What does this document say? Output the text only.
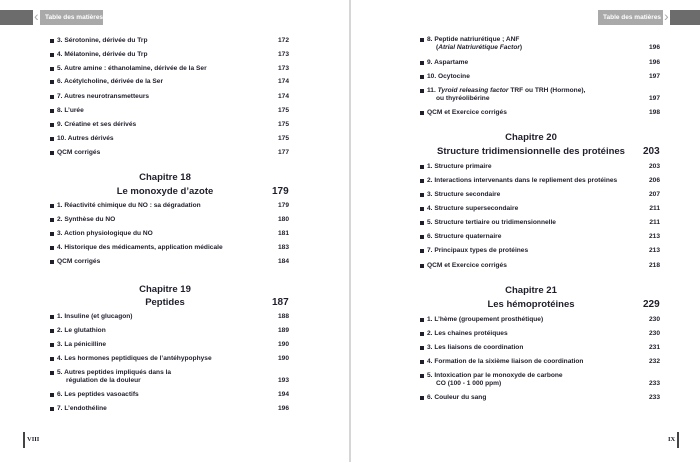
‹ Table des matières
VIII
3. Sérotonine, dérivée du Trp	172
4. Mélatonine, dérivée du Trp	173
5. Autre amine : éthanolamine, dérivée de la Ser	173
6. Acétylcholine, dérivée de la Ser	174
7. Autres neurotransmetteurs	174
8. L’urée	175
9. Créatine et ses dérivés	175
10. Autres dérivés	175
QCM corrigés	177
Chapitre 18
Le monoxyde d’azote	179
1. Réactivité chimique du NO : sa dégradation	179
2. Synthèse du NO	180
3. Action physiologique du NO	181
4. Historique des médicaments, application médicale	183
QCM corrigés	184
Chapitre 19
Peptides	187
1. Insuline (et glucagon)	188
2. Le glutathion	189
3. La pénicilline	190
4. Les hormones peptidiques de l’antéhypophyse	190
5. Autres peptides impliqués dans la
régulation de la douleur	193
6. Les peptides vasoactifs	194
7. L’endothéline	196
Table des matières ›
IX
8. Peptide natriurétique ; ANF
(Atrial Natriurétique Factor)	196
9. Aspartame	196
10. Ocytocine	197
11. Tyroid releasing factor TRF ou TRH (Hormone),
ou thyréolibérine	197
QCM et Exercice corrigés	198
Chapitre 20
Structure tridimensionnelle des protéines	203
1. Structure primaire	203
2. Interactions intervenants dans le repliement des protéines	206
3. Structure secondaire	207
4. Structure supersecondaire	211
5. Structure tertiaire ou tridimensionnelle	211
6. Structure quaternaire	213
7. Principaux types de protéines	213
QCM et Exercice corrigés	218
Chapitre 21
Les hémoprotéines	229
1. L’hème (groupement prosthétique)	230
2. Les chaines protéiques	230
3. Les liaisons de coordination	231
4. Formation de la sixième liaison de coordination	232
5. Intoxication par le monoxyde de carbone
CO (100 - 1 000 ppm)	233
6. Couleur du sang	233
